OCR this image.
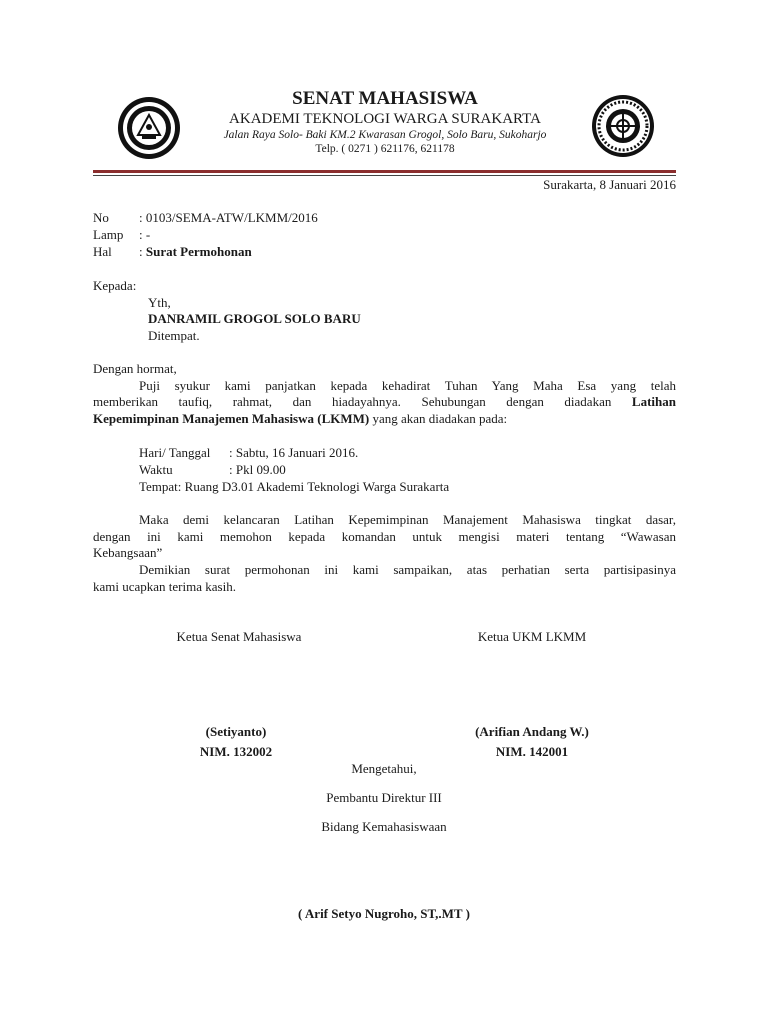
SENAT MAHASISWA
AKADEMI TEKNOLOGI WARGA SURAKARTA
Jalan Raya Solo- Baki KM.2 Kwarasan Grogol, Solo Baru, Sukoharjo
Telp. ( 0271 ) 621176, 621178
Surakarta, 8 Januari 2016
No : 0103/SEMA-ATW/LKMM/2016
Lamp : -
Hal : Surat Permohonan
Kepada:
Yth,
DANRAMIL GROGOL SOLO BARU
Ditempat.
Dengan hormat,
Puji syukur kami panjatkan kepada kehadirat Tuhan Yang Maha Esa yang telah
memberikan taufiq, rahmat, dan hiadayahnya. Sehubungan dengan diadakan Latihan
Kepemimpinan Manajemen Mahasiswa (LKMM) yang akan diadakan pada:
Hari/ Tanggal : Sabtu, 16 Januari 2016.
Waktu	: Pkl 09.00
Tempat: Ruang D3.01 Akademi Teknologi Warga Surakarta
Maka demi kelancaran Latihan Kepemimpinan Manajement Mahasiswa tingkat dasar,
dengan ini kami memohon kepada komandan untuk mengisi materi tentang “Wawasan
Kebangsaan”
Demikian surat permohonan ini kami sampaikan, atas perhatian serta partisipasinya
kami ucapkan terima kasih.
Ketua Senat Mahasiswa	Ketua UKM LKMM
(Setiyanto)	(Arifian Andang W.)
NIM. 132002	NIM. 142001
Mengetahui,
Pembantu Direktur III
Bidang Kemahasiswaan
( Arif Setyo Nugroho, ST,.MT )
